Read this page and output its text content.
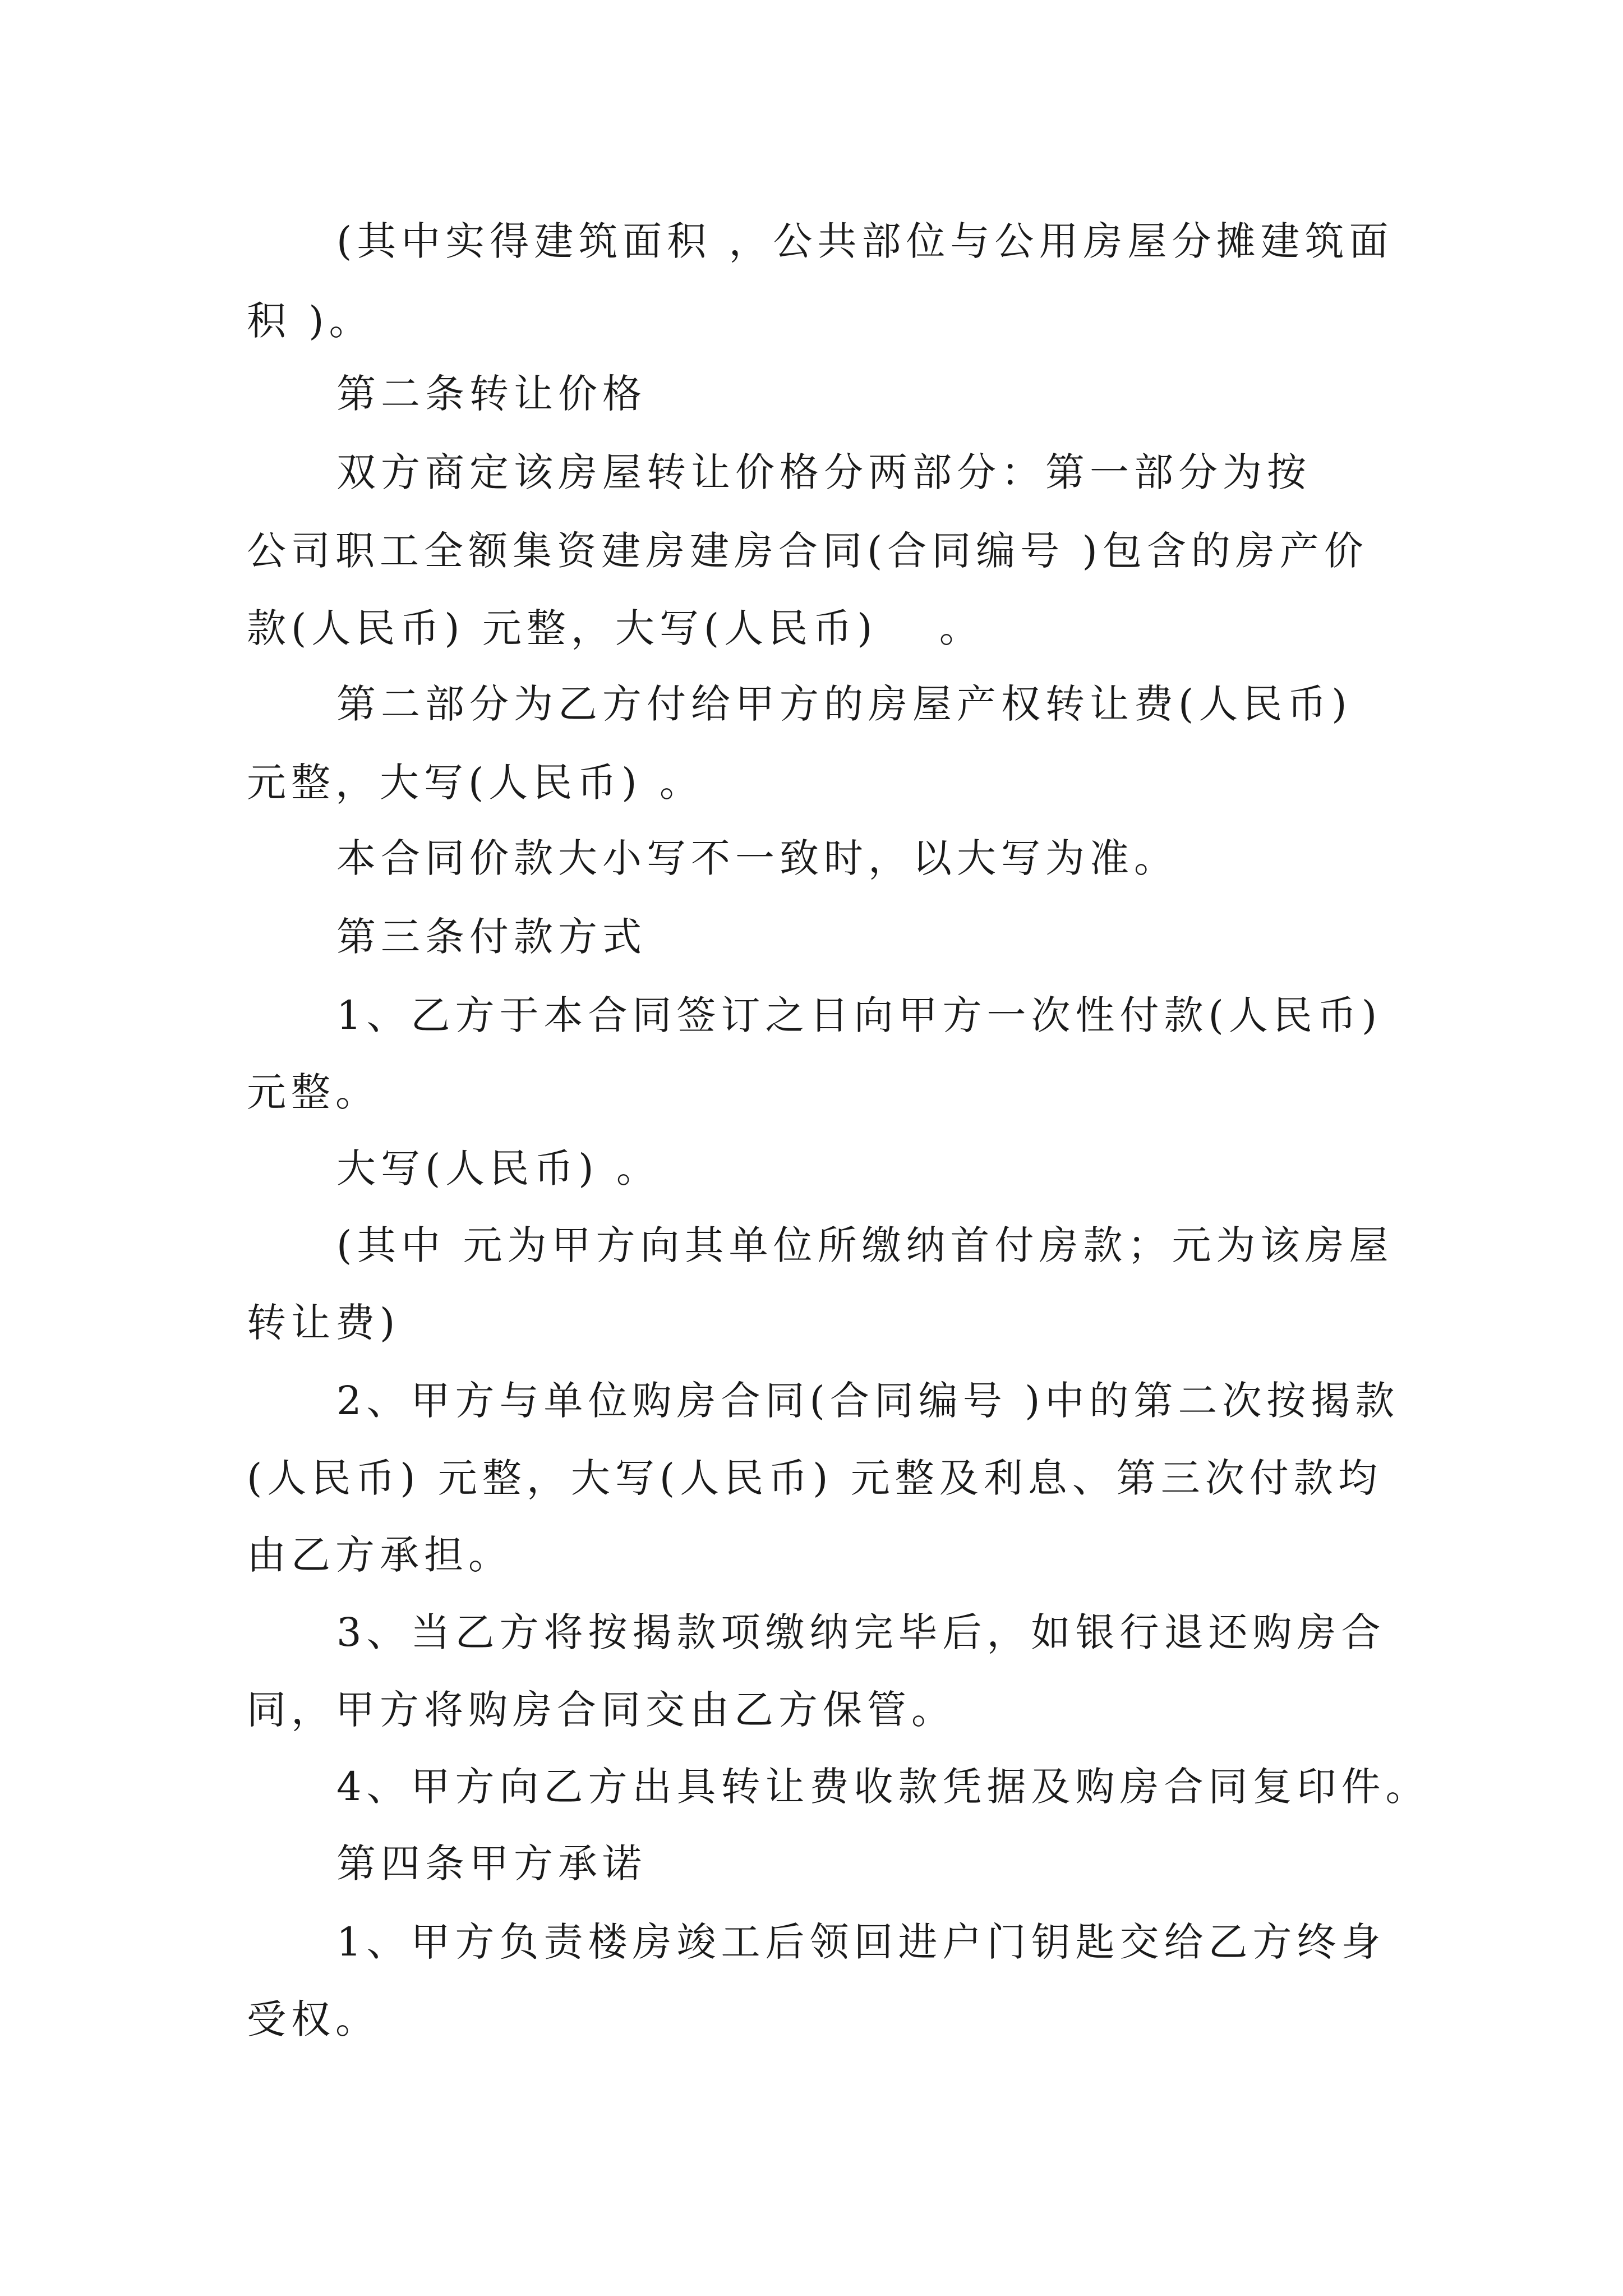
(其中实得建筑面积 ，公共部位与公用房屋分摊建筑面
积 )。
第二条转让价格
双方商定该房屋转让价格分两部分：第一部分为按
公司职工全额集资建房建房合同(合同编号 )包含的房产价
款(人民币) 元整，大写(人民币)　 。
第二部分为乙方付给甲方的房屋产权转让费(人民币)
元整，大写(人民币) 。
本合同价款大小写不一致时，以大写为准。
第三条付款方式
1、乙方于本合同签订之日向甲方一次性付款(人民币)
元整。
大写(人民币) 。
(其中 元为甲方向其单位所缴纳首付房款；元为该房屋
转让费)
2、甲方与单位购房合同(合同编号 )中的第二次按揭款
(人民币) 元整，大写(人民币) 元整及利息、第三次付款均
由乙方承担。
3、当乙方将按揭款项缴纳完毕后，如银行退还购房合
同，甲方将购房合同交由乙方保管。
4、甲方向乙方出具转让费收款凭据及购房合同复印件。
第四条甲方承诺
1、甲方负责楼房竣工后领回进户门钥匙交给乙方终身
受权。
